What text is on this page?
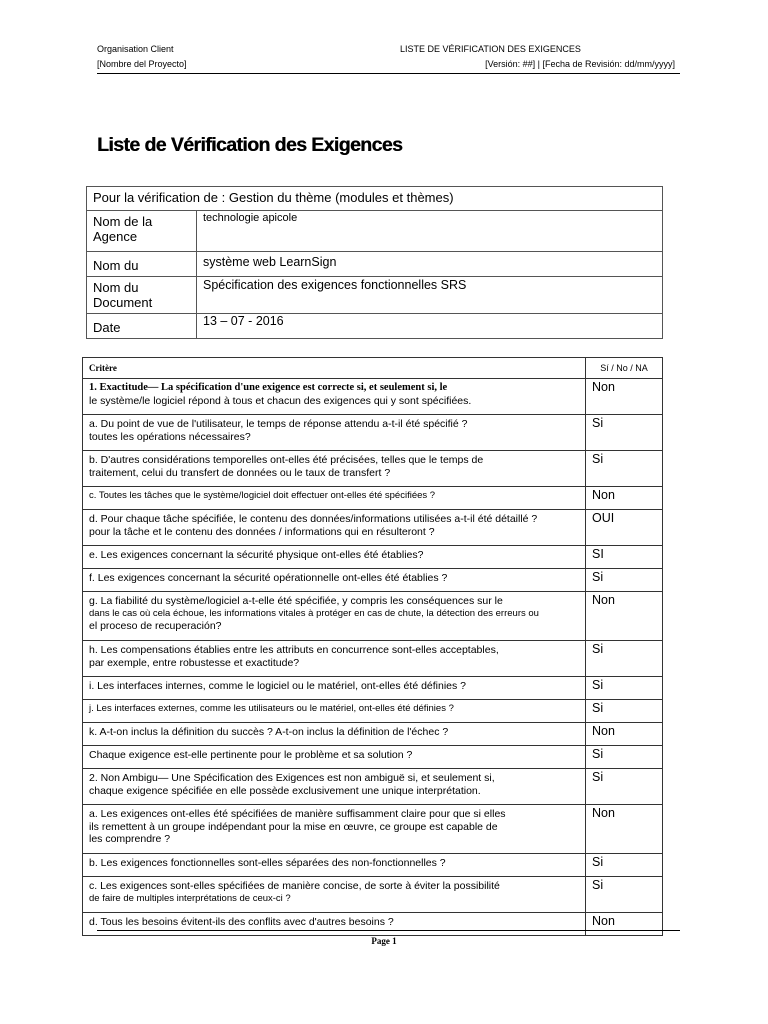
Organisation Client	LISTE DE VÉRIFICATION DES EXIGENCES
[Nombre del Proyecto]	[Versión: ##] | [Fecha de Revisión: dd/mm/yyyy]
Liste de Vérification des Exigences
Pour la vérification de : Gestion du thème (modules et thèmes)	
Nom de la Agence	technologie apicole
Nom du	système web LearnSign
Nom du Document	Spécification des exigences fonctionnelles SRS
Date	13 – 07 - 2016
Critère	Sí / No / NA

1. Exactitude— La spécification d'une exigence est correcte si, et seulement si, le
le système/le logiciel répond à tous et chacun des exigences qui y sont spécifiées.	Non

a. Du point de vue de l'utilisateur, le temps de réponse attendu a-t-il été spécifié ?
toutes les opérations nécessaires?	Si

b. D'autres considérations temporelles ont-elles été précisées, telles que le temps de
traitement, celui du transfert de données ou le taux de transfert ?	Si

c. Toutes les tâches que le système/logiciel doit effectuer ont-elles été spécifiées ?	Non

d. Pour chaque tâche spécifiée, le contenu des données/informations utilisées a-t-il été détaillé ?
pour la tâche et le contenu des données / informations qui en résulteront ?	OUI

e. Les exigences concernant la sécurité physique ont-elles été établies?	SI

f. Les exigences concernant la sécurité opérationnelle ont-elles été établies ?	Si

g. La fiabilité du système/logiciel a-t-elle été spécifiée, y compris les conséquences sur le
dans le cas où cela échoue, les informations vitales à protéger en cas de chute, la détection des erreurs ou
el proceso de recuperación?	Non

h. Les compensations établies entre les attributs en concurrence sont-elles acceptables,
par exemple, entre robustesse et exactitude?	Si

i. Les interfaces internes, comme le logiciel ou le matériel, ont-elles été définies ?	Si

j. Les interfaces externes, comme les utilisateurs ou le matériel, ont-elles été définies ?	Si

k. A-t-on inclus la définition du succès ? A-t-on inclus la définition de l'échec ?	Non

Chaque exigence est-elle pertinente pour le problème et sa solution ?	Si

2. Non Ambigu— Une Spécification des Exigences est non ambiguë si, et seulement si,
chaque exigence spécifiée en elle possède exclusivement une unique interprétation.	Si

a. Les exigences ont-elles été spécifiées de manière suffisamment claire pour que si elles
ils remettent à un groupe indépendant pour la mise en œuvre, ce groupe est capable de
les comprendre ?	Non

b. Les exigences fonctionnelles sont-elles séparées des non-fonctionnelles ?	Si

c. Les exigences sont-elles spécifiées de manière concise, de sorte à éviter la possibilité
de faire de multiples interprétations de ceux-ci ?	Si

d. Tous les besoins évitent-ils des conflits avec d'autres besoins ?	Non
Page 1
